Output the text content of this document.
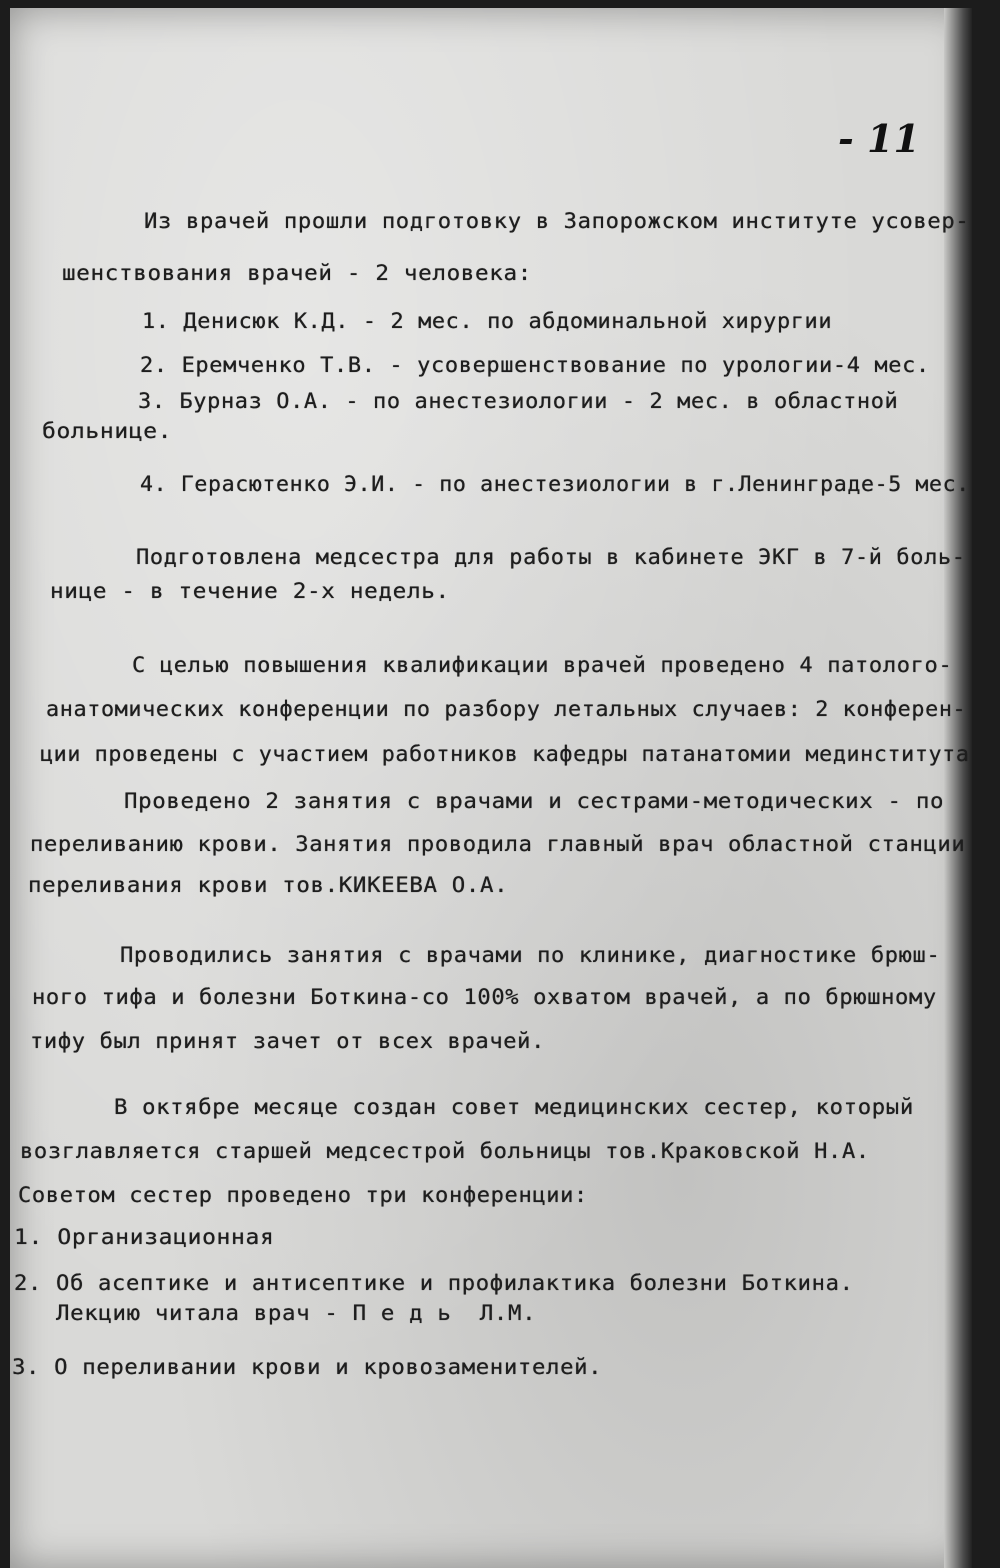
- 11
Из врачей прошли подготовку в Запорожском институте усовер-
шенствования врачей - 2 человека:
1. Денисюк К.Д. - 2 мес. по абдоминальной хирургии
2. Еремченко Т.В. - усовершенствование по урологии-4 мес.
3. Бурназ О.А. - по анестезиологии - 2 мес. в областной
больнице.
4. Герасютенко Э.И. - по анестезиологии в г.Ленинграде-5 мес.
Подготовлена медсестра для работы в кабинете ЭКГ в 7-й боль-
нице - в течение 2-х недель.
С целью повышения квалификации врачей проведено 4 патолого-
анатомических конференции по разбору летальных случаев: 2 конферен-
ции проведены с участием работников кафедры патанатомии мединститута
Проведено 2 занятия с врачами и сестрами-методических - по
переливанию крови. Занятия проводила главный врач областной станции
переливания крови тов.КИКЕЕВА О.А.
Проводились занятия с врачами по клинике, диагностике брюш-
ного тифа и болезни Боткина-со 100% охватом врачей, а по брюшному
тифу был принят зачет от всех врачей.
В октябре месяце создан совет медицинских сестер, который
возглавляется старшей медсестрой больницы тов.Краковской Н.А.
Советом сестер проведено три конференции:
1. Организационная
2. Об асептике и антисептике и профилактика болезни Боткина.
Лекцию читала врач - П е д ь  Л.М.
3. О переливании крови и кровозаменителей.
